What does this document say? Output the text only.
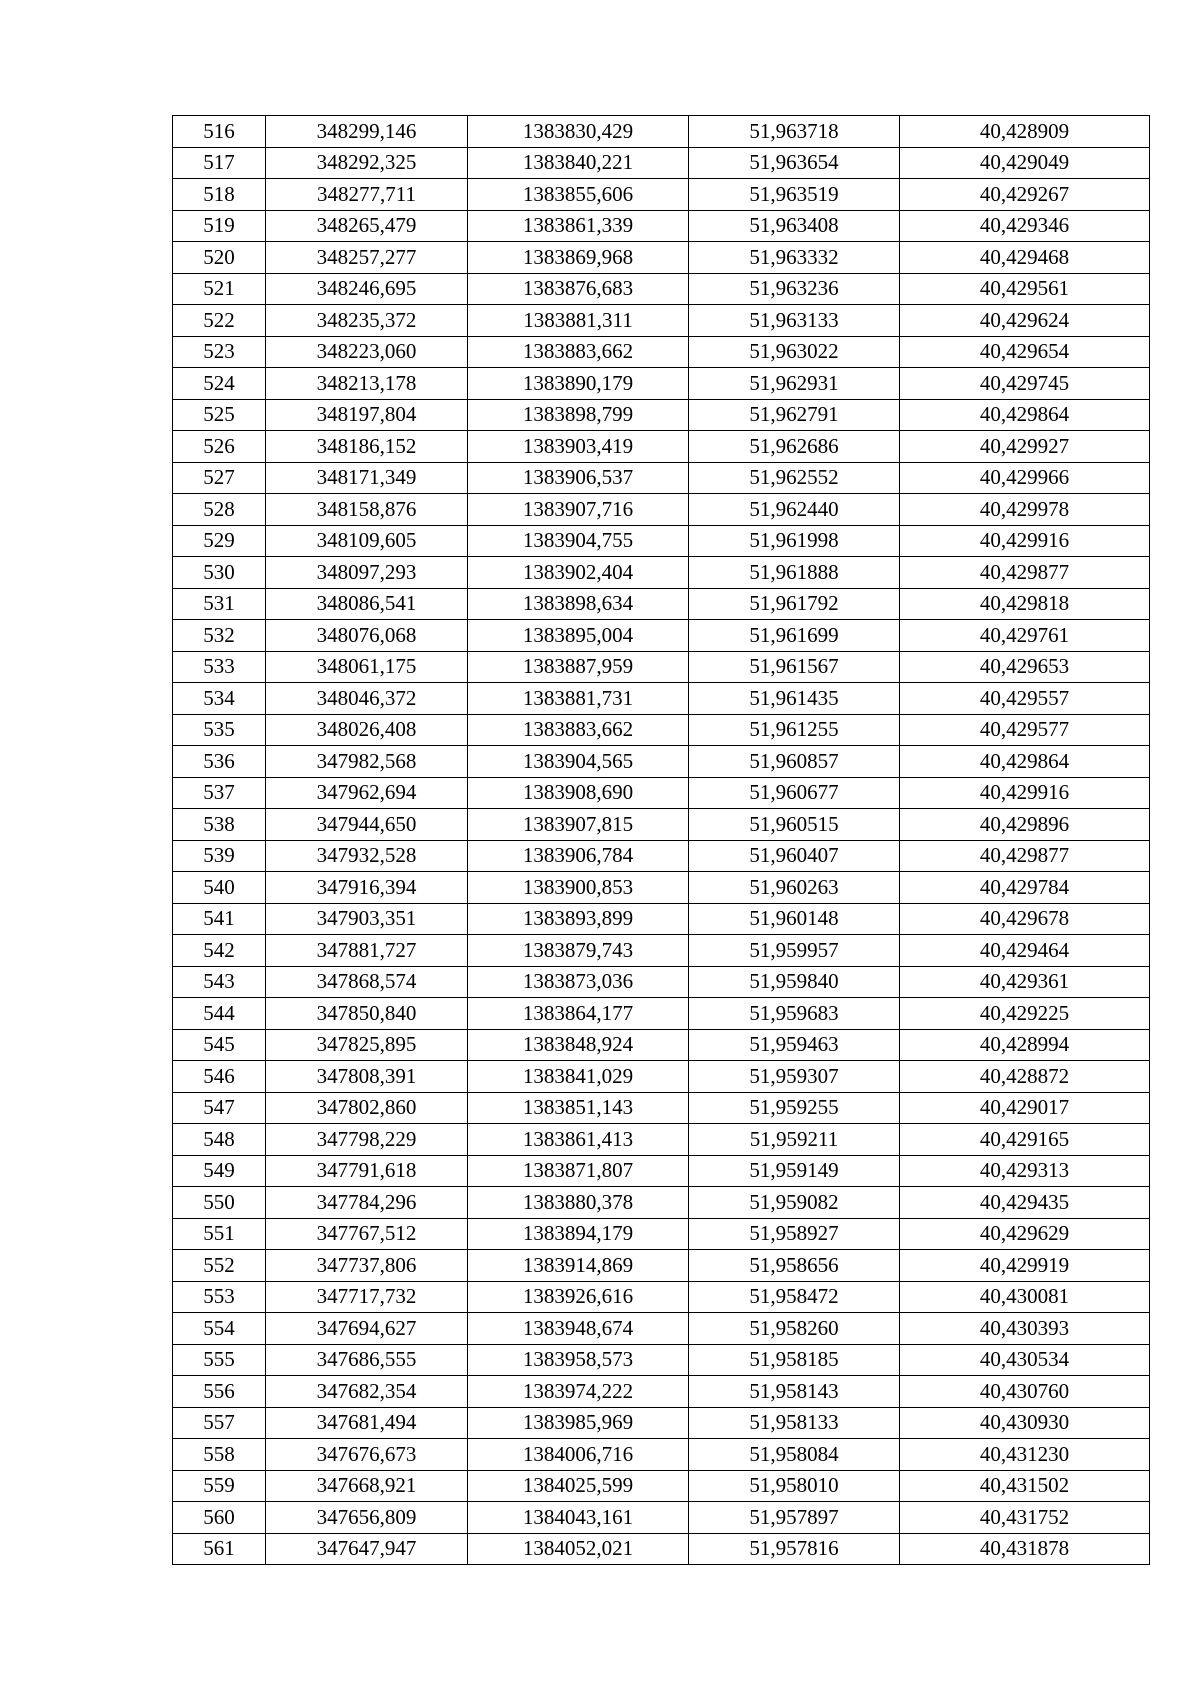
516	348299,146	1383830,429	51,963718	40,428909
517	348292,325	1383840,221	51,963654	40,429049
518	348277,711	1383855,606	51,963519	40,429267
519	348265,479	1383861,339	51,963408	40,429346
520	348257,277	1383869,968	51,963332	40,429468
521	348246,695	1383876,683	51,963236	40,429561
522	348235,372	1383881,311	51,963133	40,429624
523	348223,060	1383883,662	51,963022	40,429654
524	348213,178	1383890,179	51,962931	40,429745
525	348197,804	1383898,799	51,962791	40,429864
526	348186,152	1383903,419	51,962686	40,429927
527	348171,349	1383906,537	51,962552	40,429966
528	348158,876	1383907,716	51,962440	40,429978
529	348109,605	1383904,755	51,961998	40,429916
530	348097,293	1383902,404	51,961888	40,429877
531	348086,541	1383898,634	51,961792	40,429818
532	348076,068	1383895,004	51,961699	40,429761
533	348061,175	1383887,959	51,961567	40,429653
534	348046,372	1383881,731	51,961435	40,429557
535	348026,408	1383883,662	51,961255	40,429577
536	347982,568	1383904,565	51,960857	40,429864
537	347962,694	1383908,690	51,960677	40,429916
538	347944,650	1383907,815	51,960515	40,429896
539	347932,528	1383906,784	51,960407	40,429877
540	347916,394	1383900,853	51,960263	40,429784
541	347903,351	1383893,899	51,960148	40,429678
542	347881,727	1383879,743	51,959957	40,429464
543	347868,574	1383873,036	51,959840	40,429361
544	347850,840	1383864,177	51,959683	40,429225
545	347825,895	1383848,924	51,959463	40,428994
546	347808,391	1383841,029	51,959307	40,428872
547	347802,860	1383851,143	51,959255	40,429017
548	347798,229	1383861,413	51,959211	40,429165
549	347791,618	1383871,807	51,959149	40,429313
550	347784,296	1383880,378	51,959082	40,429435
551	347767,512	1383894,179	51,958927	40,429629
552	347737,806	1383914,869	51,958656	40,429919
553	347717,732	1383926,616	51,958472	40,430081
554	347694,627	1383948,674	51,958260	40,430393
555	347686,555	1383958,573	51,958185	40,430534
556	347682,354	1383974,222	51,958143	40,430760
557	347681,494	1383985,969	51,958133	40,430930
558	347676,673	1384006,716	51,958084	40,431230
559	347668,921	1384025,599	51,958010	40,431502
560	347656,809	1384043,161	51,957897	40,431752
561	347647,947	1384052,021	51,957816	40,431878
